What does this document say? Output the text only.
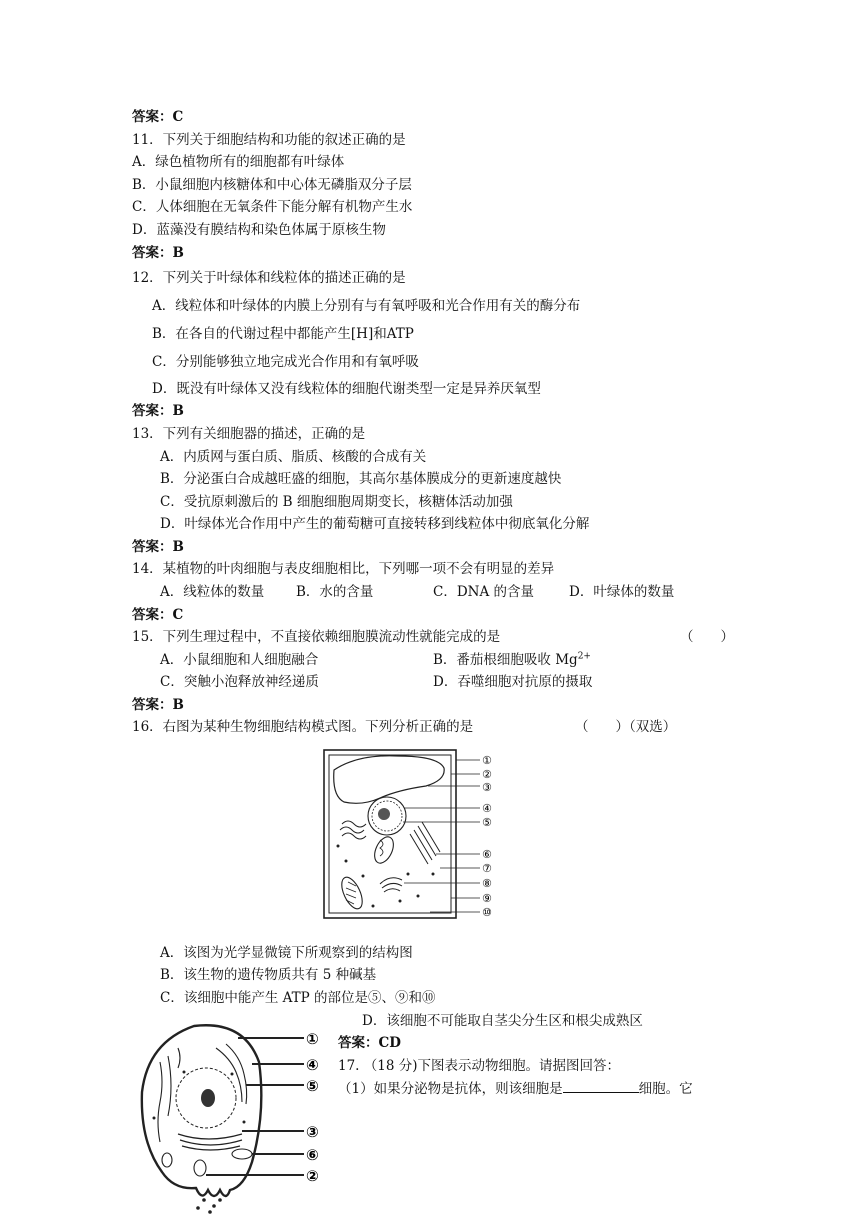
答案：C
11．下列关于细胞结构和功能的叙述正确的是
A．绿色植物所有的细胞都有叶绿体
B．小鼠细胞内核糖体和中心体无磷脂双分子层
C．人体细胞在无氧条件下能分解有机物产生水
D．蓝藻没有膜结构和染色体属于原核生物
答案：B
12．下列关于叶绿体和线粒体的描述正确的是
A．线粒体和叶绿体的内膜上分别有与有氧呼吸和光合作用有关的酶分布
B．在各自的代谢过程中都能产生[H]和ATP
C．分别能够独立地完成光合作用和有氧呼吸
D．既没有叶绿体又没有线粒体的细胞代谢类型一定是异养厌氧型
答案：B
13．下列有关细胞器的描述，正确的是
A．内质网与蛋白质、脂质、核酸的合成有关
B．分泌蛋白合成越旺盛的细胞，其高尔基体膜成分的更新速度越快
C．受抗原刺激后的 B 细胞细胞周期变长，核糖体活动加强
D．叶绿体光合作用中产生的葡萄糖可直接转移到线粒体中彻底氧化分解
答案：B
14．某植物的叶肉细胞与表皮细胞相比，下列哪一项不会有明显的差异
A．线粒体的数量 B．水的含量	C．DNA 的含量	D．叶绿体的数量
答案：C
15．下列生理过程中，不直接依赖细胞膜流动性就能完成的是	（　　）
A．小鼠细胞和人细胞融合	B．番茄根细胞吸收 $Mg^{2+}$
C．突触小泡释放神经递质	D．吞噬细胞对抗原的摄取
答案：B
16．右图为某种生物细胞结构模式图。下列分析正确的是	（　　）（双选）
①
②
③
④
⑤
⑥
⑦
⑧
⑨
⑩
A．该图为光学显微镜下所观察到的结构图
B．该生物的遗传物质共有 5 种碱基
C．该细胞中能产生 ATP 的部位是⑤、⑨和⑩
D．该细胞不可能取自茎尖分生区和根尖成熟区
答案：CD
17. （18 分)下图表示动物细胞。请据图回答：
（1）如果分泌物是抗体，则该细胞是	细胞。它
①
④
⑤
③
⑥
②
